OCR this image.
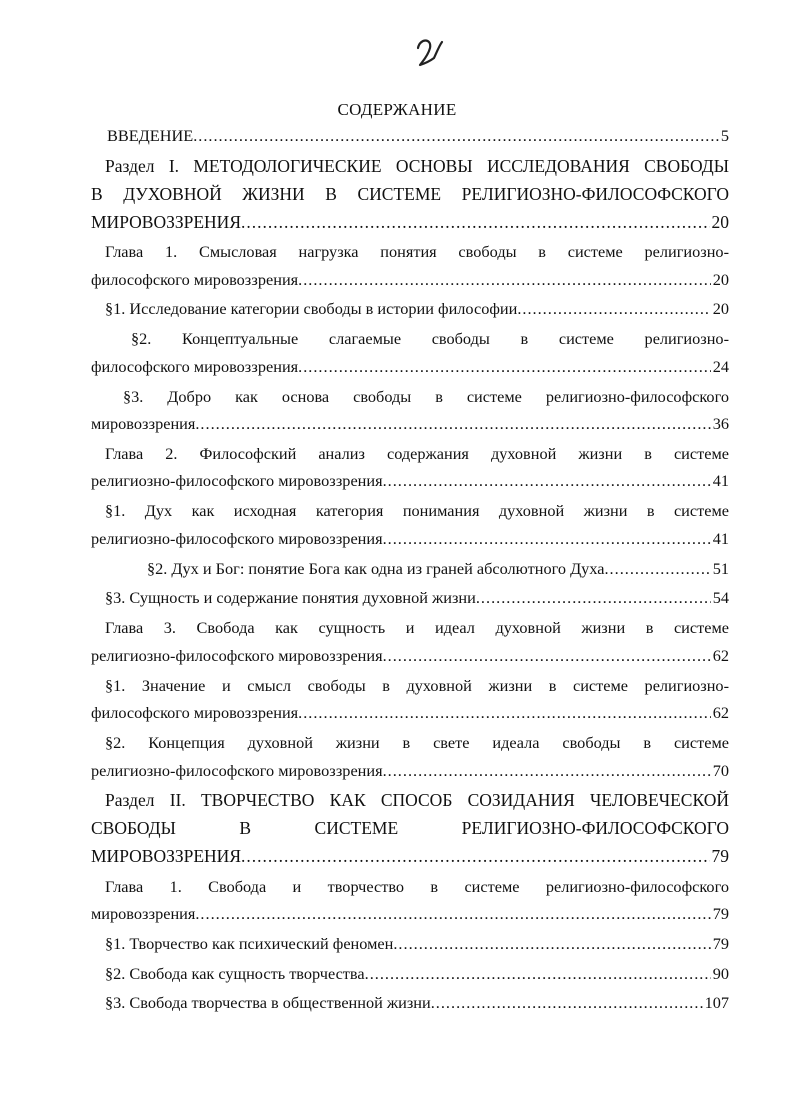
СОДЕРЖАНИЕ
ВВЕДЕНИЕ .....	5
Раздел I. МЕТОДОЛОГИЧЕСКИЕ ОСНОВЫ ИССЛЕДОВАНИЯ СВОБОДЫ
В ДУХОВНОЙ ЖИЗНИ В СИСТЕМЕ РЕЛИГИОЗНО-ФИЛОСОФСКОГО
МИРОВОЗЗРЕНИЯ .....	20
Глава 1. Смысловая нагрузка понятия свободы в системе религиозно-
философского мировоззрения .....	20
§1. Исследование категории свободы в истории философии .....	20
§2. Концептуальные слагаемые свободы в системе религиозно-
философского мировоззрения .....	24
§3. Добро как основа свободы в системе религиозно-философского
мировоззрения .....	36
Глава 2. Философский анализ содержания духовной жизни в системе
религиозно-философского мировоззрения .....	41
§1. Дух как исходная категория понимания духовной жизни в системе
религиозно-философского мировоззрения .....	41
§2. Дух и Бог: понятие Бога как одна из граней абсолютного Духа .....	51
§3. Сущность и содержание понятия духовной жизни .....	54
Глава 3. Свобода как сущность и идеал духовной жизни в системе
религиозно-философского мировоззрения .....	62
§1. Значение и смысл свободы в духовной жизни в системе религиозно-
философского мировоззрения .....	62
§2. Концепция духовной жизни в свете идеала свободы в системе
религиозно-философского мировоззрения .....	70
Раздел II. ТВОРЧЕСТВО КАК СПОСОБ СОЗИДАНИЯ ЧЕЛОВЕЧЕСКОЙ
СВОБОДЫ В СИСТЕМЕ РЕЛИГИОЗНО-ФИЛОСОФСКОГО
МИРОВОЗЗРЕНИЯ .....	79
Глава 1. Свобода и творчество в системе религиозно-философского
мировоззрения .....	79
§1. Творчество как психический феномен .....	79
§2. Свобода как сущность творчества .....	90
§3. Свобода творчества в общественной жизни .....	107
